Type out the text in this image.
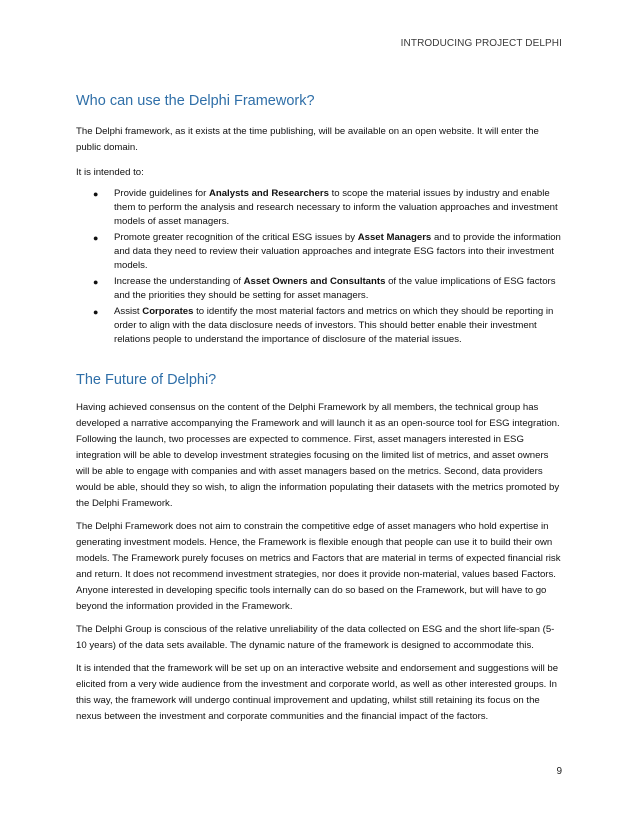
INTRODUCING PROJECT DELPHI
Who can use the Delphi Framework?

The Delphi framework, as it exists at the time publishing, will be available on an open website. It will enter the public domain.

It is intended to:

● Provide guidelines for Analysts and Researchers to scope the material issues by industry and enable them to perform the analysis and research necessary to inform the valuation approaches and investment models of asset managers.
● Promote greater recognition of the critical ESG issues by Asset Managers and to provide the information and data they need to review their valuation approaches and integrate ESG factors into their investment models.
● Increase the understanding of Asset Owners and Consultants of the value implications of ESG factors and the priorities they should be setting for asset managers.
● Assist Corporates to identify the most material factors and metrics on which they should be reporting in order to align with the data disclosure needs of investors. This should better enable their investment relations people to understand the importance of disclosure of the material issues.
The Future of Delphi?

Having achieved consensus on the content of the Delphi Framework by all members, the technical group has developed a narrative accompanying the Framework and will launch it as an open-source tool for ESG integration. Following the launch, two processes are expected to commence. First, asset managers interested in ESG integration will be able to develop investment strategies focusing on the limited list of metrics, and asset owners will be able to engage with companies and with asset managers based on the metrics. Second, data providers would be able, should they so wish, to align the information populating their datasets with the metrics promoted by the Delphi Framework.

The Delphi Framework does not aim to constrain the competitive edge of asset managers who hold expertise in generating investment models. Hence, the Framework is flexible enough that people can use it to build their own models. The Framework purely focuses on metrics and Factors that are material in terms of expected financial risk and return. It does not recommend investment strategies, nor does it provide non-material, values based Factors. Anyone interested in developing specific tools internally can do so based on the Framework, but will have to go beyond the information provided in the Framework.

The Delphi Group is conscious of the relative unreliability of the data collected on ESG and the short life-span (5-10 years) of the data sets available. The dynamic nature of the framework is designed to accommodate this.

It is intended that the framework will be set up on an interactive website and endorsement and suggestions will be elicited from a very wide audience from the investment and corporate world, as well as other interested groups. In this way, the framework will undergo continual improvement and updating, whilst still retaining its focus on the nexus between the investment and corporate communities and the financial impact of the factors.

9
